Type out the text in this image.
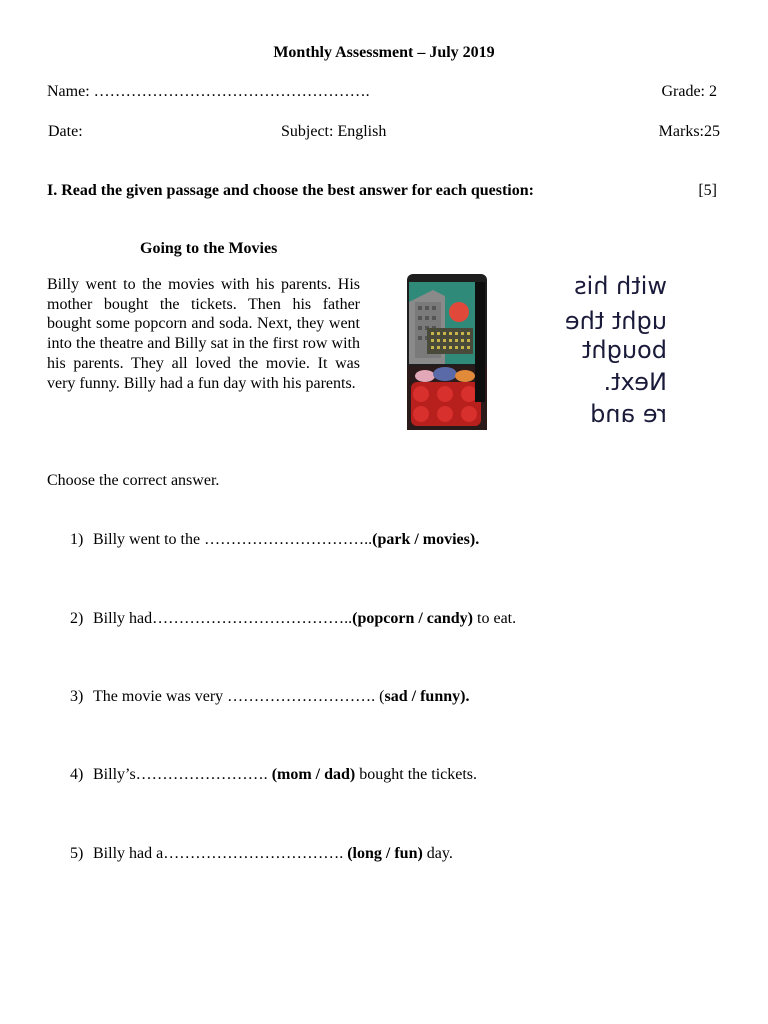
Monthly Assessment – July 2019
Name: …………………………………………….	Grade: 2
Date:	Subject: English	Marks:25
I. Read the given passage and choose the best answer for each question:	[5]
Going to the Movies
Billy went to the movies with his parents. His mother bought the tickets. Then his father bought some popcorn and soda. Next, they went into the theatre and Billy sat in the first row with his parents. They all loved the movie. It was very funny. Billy had a fun day with his parents.
with his
ught the
bought
Next.
re and
Choose the correct answer.
1) Billy went to the …………………………..(park / movies).
2) Billy had………………………………..(popcorn / candy) to eat.
3) The movie was very ………………………. (sad / funny).
4) Billy’s……………………. (mom / dad) bought the tickets.
5) Billy had a……………………………. (long / fun) day.
